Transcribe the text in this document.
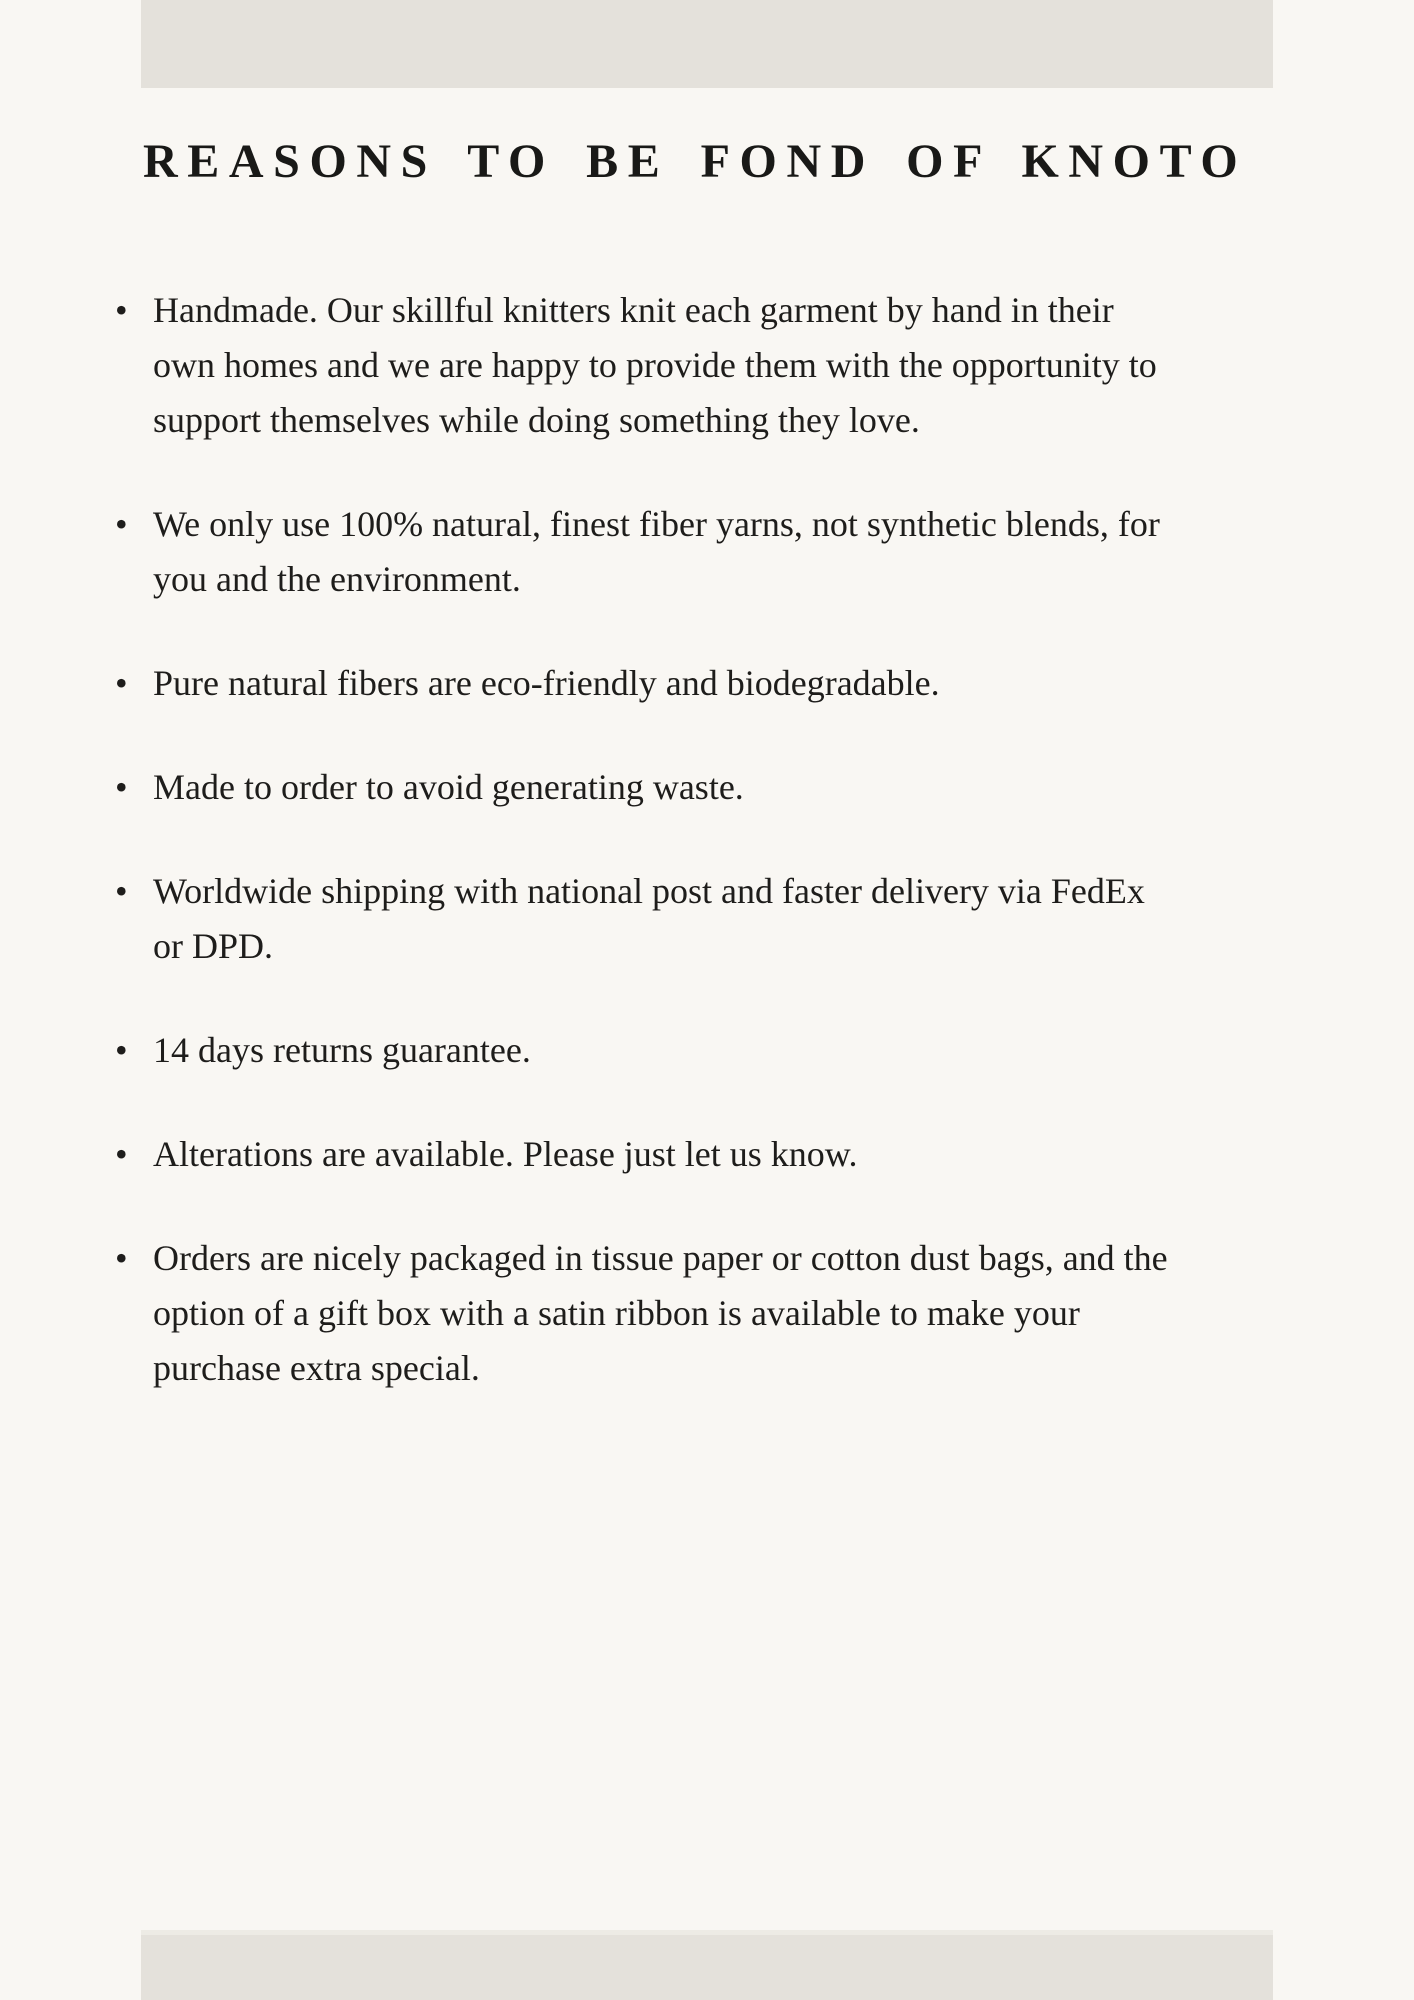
REASONS TO BE FOND OF KNOTO
• Handmade. Our skillful knitters knit each garment by hand in their
own homes and we are happy to provide them with the opportunity to
support themselves while doing something they love.
• We only use 100% natural, finest fiber yarns, not synthetic blends, for
you and the environment.
• Pure natural fibers are eco-friendly and biodegradable.
• Made to order to avoid generating waste.
• Worldwide shipping with national post and faster delivery via FedEx
or DPD.
• 14 days returns guarantee.
• Alterations are available. Please just let us know.
• Orders are nicely packaged in tissue paper or cotton dust bags, and the
option of a gift box with a satin ribbon is available to make your
purchase extra special.
